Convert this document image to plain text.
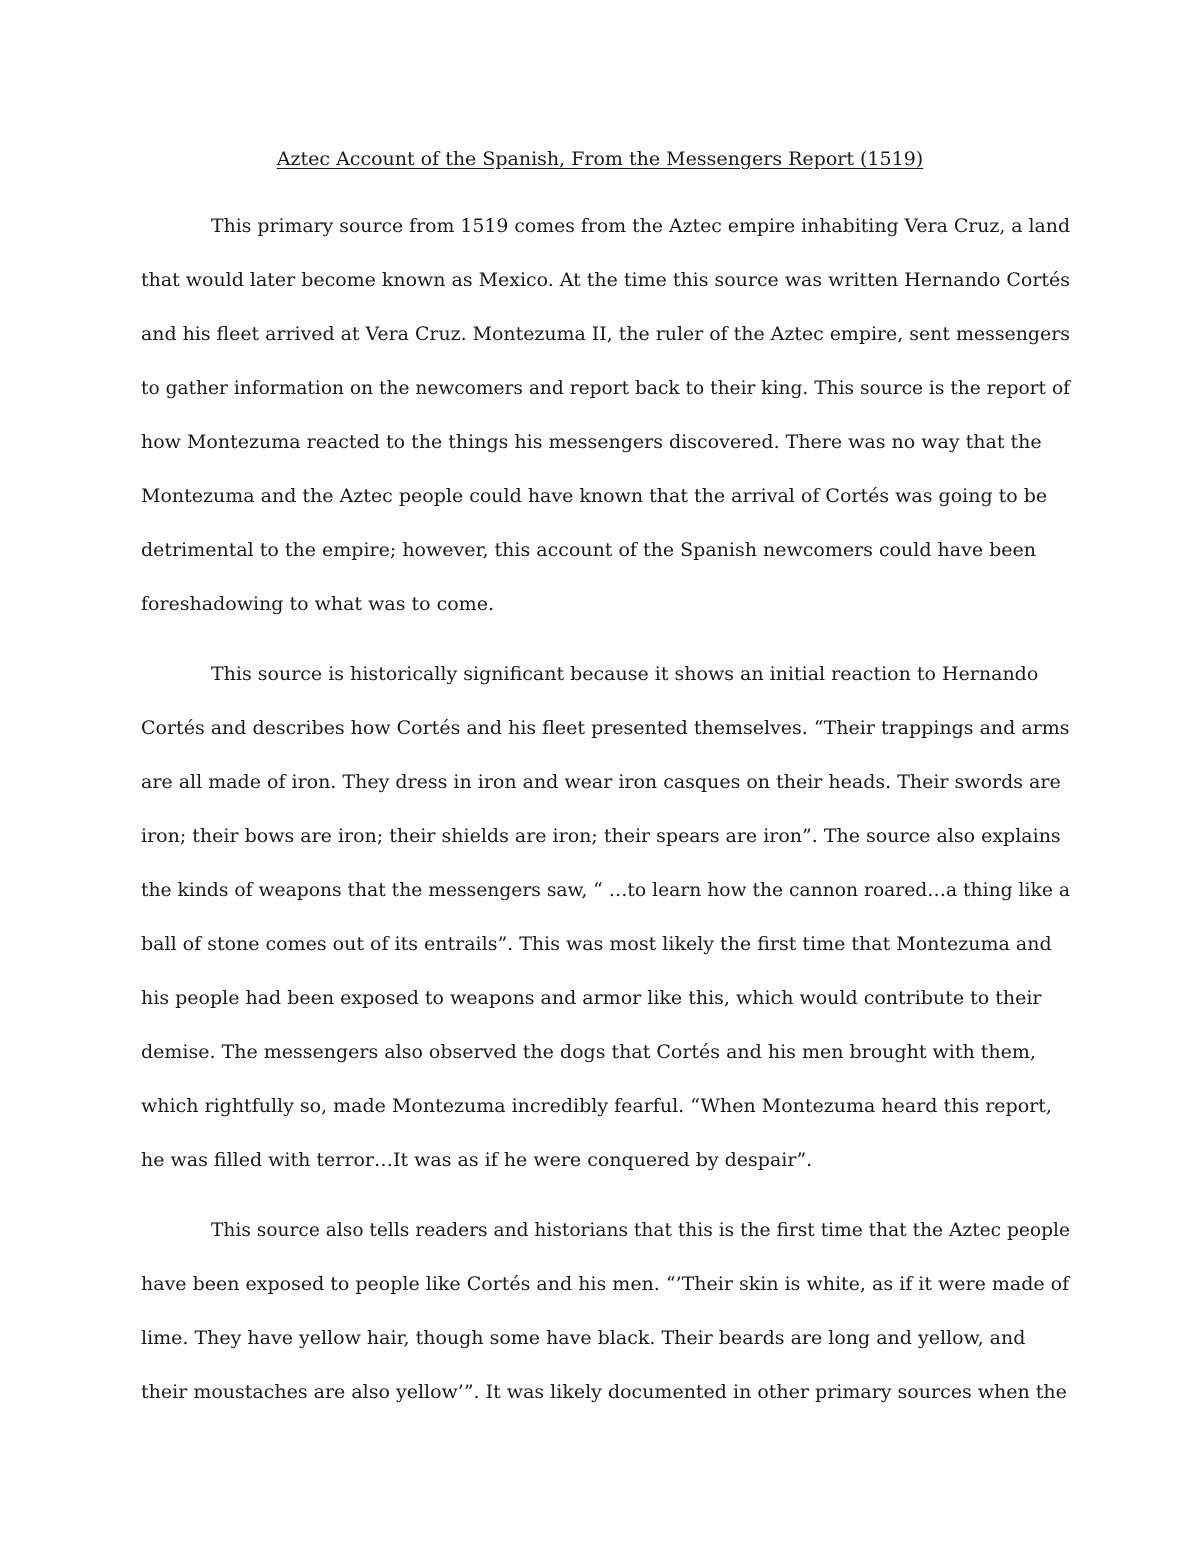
Aztec Account of the Spanish, From the Messengers Report (1519)
This primary source from 1519 comes from the Aztec empire inhabiting Vera Cruz, a land
that would later become known as Mexico. At the time this source was written Hernando Cortés
and his fleet arrived at Vera Cruz. Montezuma II, the ruler of the Aztec empire, sent messengers
to gather information on the newcomers and report back to their king. This source is the report of
how Montezuma reacted to the things his messengers discovered. There was no way that the
Montezuma and the Aztec people could have known that the arrival of Cortés was going to be
detrimental to the empire; however, this account of the Spanish newcomers could have been
foreshadowing to what was to come.
This source is historically significant because it shows an initial reaction to Hernando
Cortés and describes how Cortés and his fleet presented themselves. “Their trappings and arms
are all made of iron. They dress in iron and wear iron casques on their heads. Their swords are
iron; their bows are iron; their shields are iron; their spears are iron”. The source also explains
the kinds of weapons that the messengers saw, “ …to learn how the cannon roared…a thing like a
ball of stone comes out of its entrails”. This was most likely the first time that Montezuma and
his people had been exposed to weapons and armor like this, which would contribute to their
demise. The messengers also observed the dogs that Cortés and his men brought with them,
which rightfully so, made Montezuma incredibly fearful. “When Montezuma heard this report,
he was filled with terror…It was as if he were conquered by despair”.
This source also tells readers and historians that this is the first time that the Aztec people
have been exposed to people like Cortés and his men. “’Their skin is white, as if it were made of
lime. They have yellow hair, though some have black. Their beards are long and yellow, and
their moustaches are also yellow’”. It was likely documented in other primary sources when the
